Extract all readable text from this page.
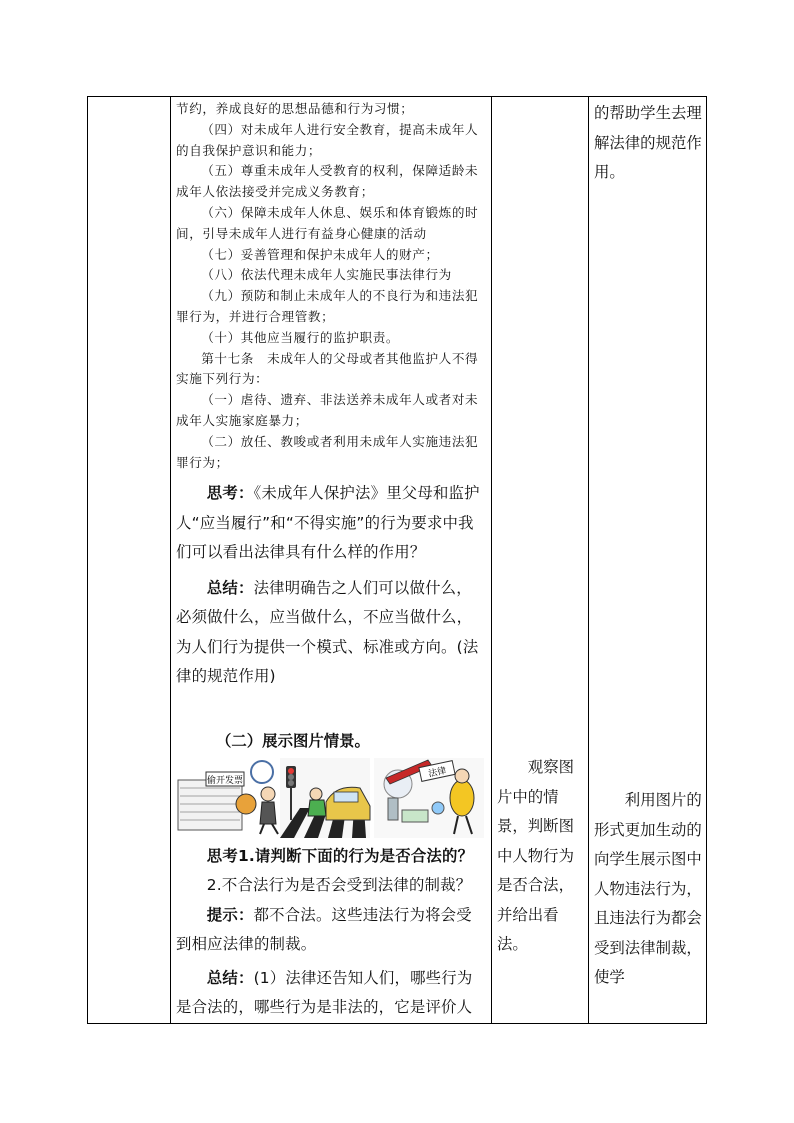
节约，养成良好的思想品德和行为习惯；

（四）对未成年人进行安全教育，提高未成年人的自我保护意识和能力；

（五）尊重未成年人受教育的权利，保障适龄未成年人依法接受并完成义务教育；

（六）保障未成年人休息、娱乐和体育锻炼的时间，引导未成年人进行有益身心健康的活动

（七）妥善管理和保护未成年人的财产；

（八）依法代理未成年人实施民事法律行为

（九）预防和制止未成年人的不良行为和违法犯罪行为，并进行合理管教；

（十）其他应当履行的监护职责。

第十七条　未成年人的父母或者其他监护人不得实施下列行为：

（一）虐待、遗弃、非法送养未成年人或者对未成年人实施家庭暴力；

（二）放任、教唆或者利用未成年人实施违法犯罪行为；

思考：《未成年人保护法》里父母和监护人“应当履行”和“不得实施”的行为要求中我们可以看出法律具有什么样的作用？

总结：法律明确告之人们可以做什么，必须做什么，应当做什么，不应当做什么，为人们行为提供一个模式、标准或方向。(法律的规范作用)

（二）展示图片情景。

偷开发票
法律

思考1.请判断下面的行为是否合法的？

2.不合法行为是否会受到法律的制裁？

提示：都不合法。这些违法行为将会受到相应法律的制裁。

总结：(1）法律还告知人们，哪些行为是合法的，哪些行为是非法的，它是评价人

观察图片中的情景，判断图中人物行为是否合法，并给出看法。

的帮助学生去理解法律的规范作用。

利用图片的形式更加生动的向学生展示图中人物违法行为，且违法行为都会受到法律制裁，使学
